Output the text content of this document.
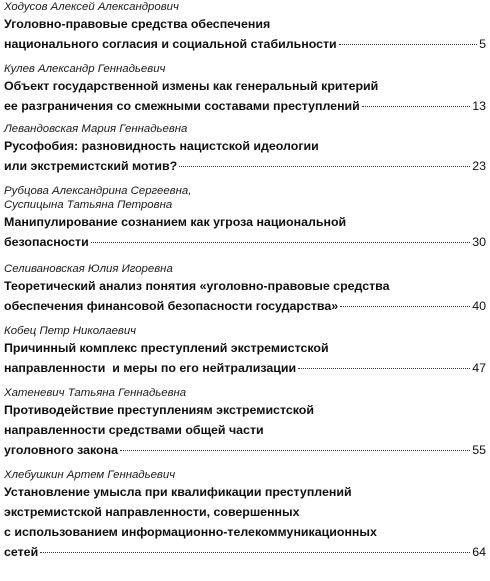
Ходусов Алексей Александрович
Уголовно-правовые средства обеспечения
национального согласия и социальной стабильности	5
Кулев Александр Геннадьевич
Объект государственной измены как генеральный критерий
ее разграничения со смежными составами преступлений	13
Левандовская Мария Геннадьевна
Русофобия: разновидность нацистской идеологии
или экстремистский мотив?	23
Рубцова Александрина Сергеевна,
Суспицына Татьяна Петровна
Манипулирование сознанием как угроза национальной
безопасности	30
Селивановская Юлия Игоревна
Теоретический анализ понятия «уголовно-правовые средства
обеспечения финансовой безопасности государства»	40
Кобец Петр Николаевич
Причинный комплекс преступлений экстремистской
направленности  и меры по его нейтрализации	47
Хатеневич Татьяна Геннадьевна
Противодействие преступлениям экстремистской
направленности средствами общей части
уголовного закона	55
Хлебушкин Артем Геннадьевич
Установление умысла при квалификации преступлений
экстремистской направленности, совершенных
с использованием информационно-телекоммуникационных
сетей	64
